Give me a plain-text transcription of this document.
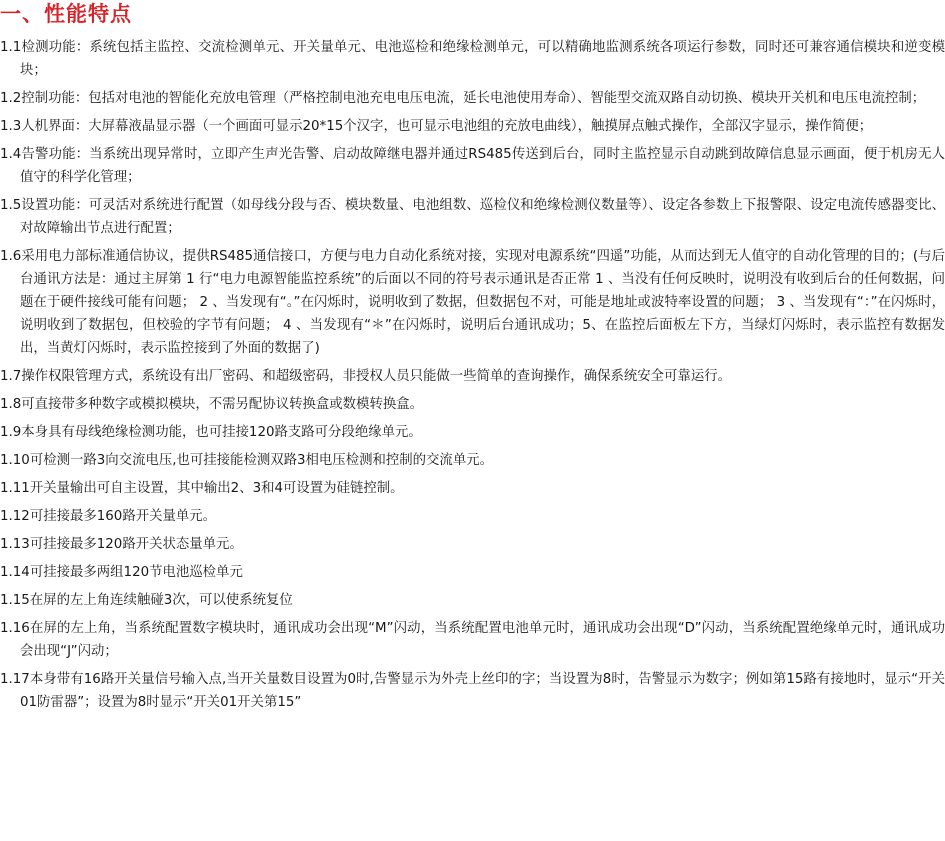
一、性能特点
1.1检测功能：系统包括主监控、交流检测单元、开关量单元、电池巡检和绝缘检测单元，可以精确地监测系统各项运行参数，同时还可兼容通信模块和逆变模块；
1.2控制功能：包括对电池的智能化充放电管理（严格控制电池充电电压电流，延长电池使用寿命）、智能型交流双路自动切换、模块开关机和电压电流控制；
1.3人机界面：大屏幕液晶显示器（一个画面可显示20*15个汉字，也可显示电池组的充放电曲线），触摸屏点触式操作，全部汉字显示，操作简便；
1.4告警功能：当系统出现异常时，立即产生声光告警、启动故障继电器并通过RS485传送到后台，同时主监控显示自动跳到故障信息显示画面，便于机房无人值守的科学化管理；
1.5设置功能：可灵活对系统进行配置（如母线分段与否、模块数量、电池组数、巡检仪和绝缘检测仪数量等）、设定各参数上下报警限、设定电流传感器变比、对故障输出节点进行配置；
1.6采用电力部标准通信协议，提供RS485通信接口，方便与电力自动化系统对接，实现对电源系统“四遥”功能，从而达到无人值守的自动化管理的目的；(与后台通讯方法是：通过主屏第 1 行“电力电源智能监控系统”的后面以不同的符号表示通讯是否正常 1 、当没有任何反映时，说明没有收到后台的任何数据，问题在于硬件接线可能有问题； 2 、当发现有“。”在闪烁时，说明收到了数据，但数据包不对，可能是地址或波特率设置的问题； 3 、当发现有“：”在闪烁时，说明收到了数据包，但校验的字节有问题； 4 、当发现有“＊”在闪烁时，说明后台通讯成功；5、在监控后面板左下方，当绿灯闪烁时，表示监控有数据发出，当黄灯闪烁时，表示监控接到了外面的数据了)
1.7操作权限管理方式，系统设有出厂密码、和超级密码，非授权人员只能做一些简单的查询操作，确保系统安全可靠运行。
1.8可直接带多种数字或模拟模块，不需另配协议转换盒或数模转换盒。
1.9本身具有母线绝缘检测功能，也可挂接120路支路可分段绝缘单元。
1.10可检测一路3向交流电压,也可挂接能检测双路3相电压检测和控制的交流单元。
1.11开关量输出可自主设置，其中输出2、3和4可设置为硅链控制。
1.12可挂接最多160路开关量单元。
1.13可挂接最多120路开关状态量单元。
1.14可挂接最多两组120节电池巡检单元
1.15在屏的左上角连续触碰3次，可以使系统复位
1.16在屏的左上角，当系统配置数字模块时，通讯成功会出现“M”闪动，当系统配置电池单元时，通讯成功会出现“D”闪动，当系统配置绝缘单元时，通讯成功会出现“J”闪动；
1.17本身带有16路开关量信号输入点,当开关量数目设置为0时,告警显示为外壳上丝印的字；当设置为8时，告警显示为数字；例如第15路有接地时，显示“开关01防雷器”；设置为8时显示“开关01开关第15”
